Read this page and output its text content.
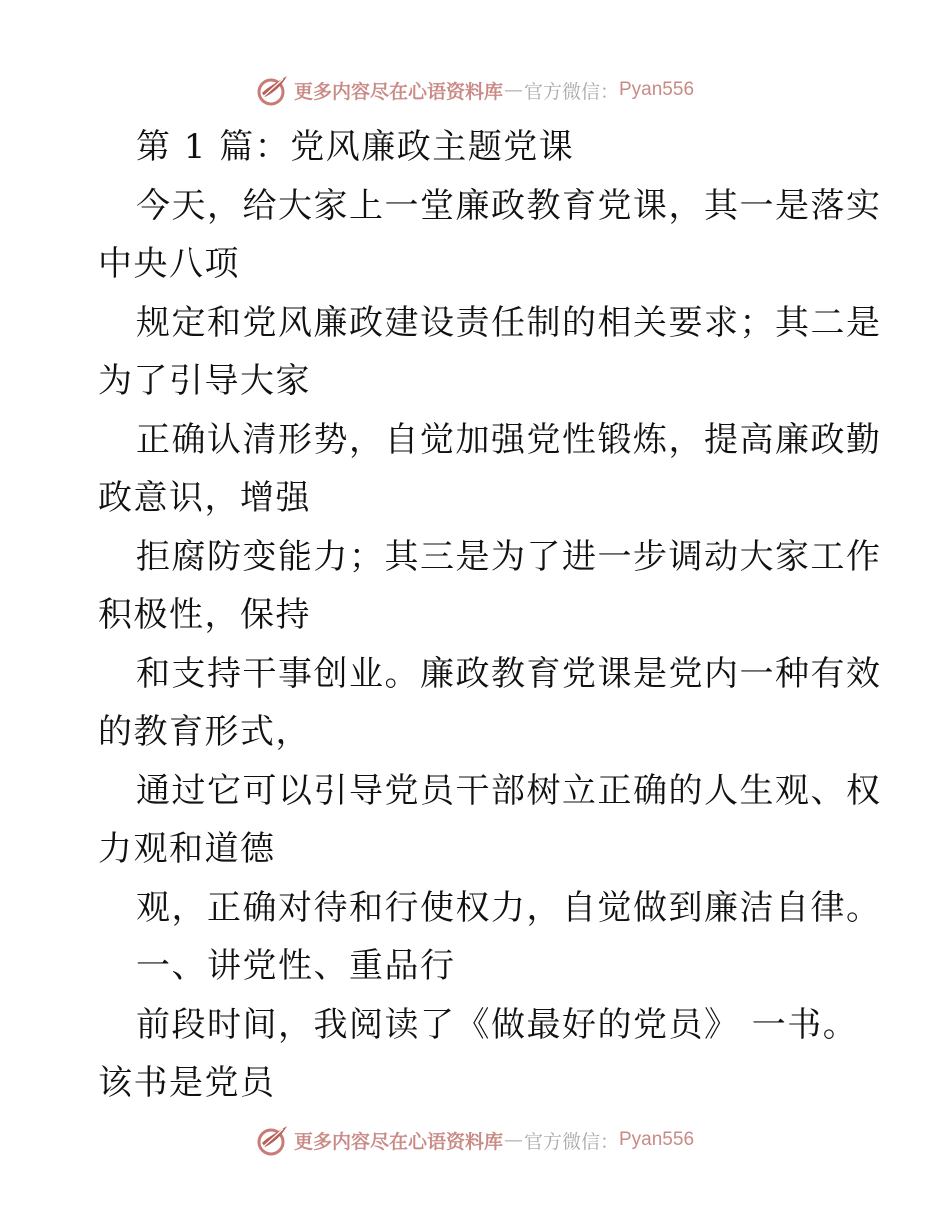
更多内容尽在心语资料库 — 官方微信： Pyan556
第 1 篇：党风廉政主题党课
今天，给大家上一堂廉政教育党课，其一是落实
中央八项
规定和党风廉政建设责任制的相关要求；其二是
为了引导大家
正确认清形势，自觉加强党性锻炼，提高廉政勤
政意识，增强
拒腐防变能力；其三是为了进一步调动大家工作
积极性，保持
和支持干事创业。廉政教育党课是党内一种有效
的教育形式，
通过它可以引导党员干部树立正确的人生观、权
力观和道德
观，正确对待和行使权力，自觉做到廉洁自律。
一、讲党性、重品行
前段时间，我阅读了《做最好的党员》 一书。
该书是党员
更多内容尽在心语资料库 — 官方微信： Pyan556
